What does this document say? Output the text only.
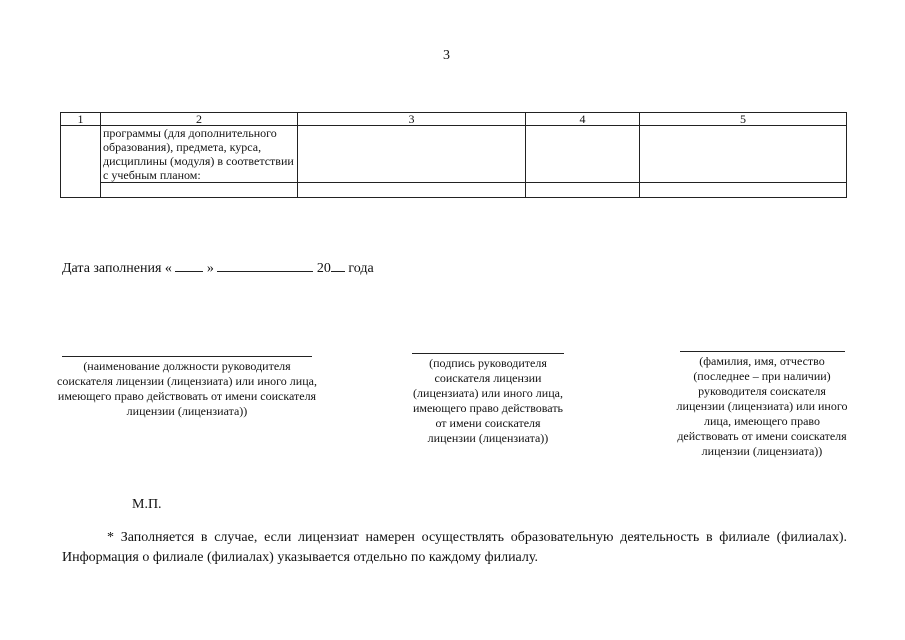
3
1	2	3	4	5
	программы (для дополнительного образования), предмета, курса, дисциплины (модуля) в соответствии с учебным планом:			

Дата заполнения «	»	20 года
(наименование должности руководителя соискателя лицензии (лицензиата) или иного лица, имеющего право действовать от имени соискателя лицензии (лицензиата))
(подпись руководителя соискателя лицензии (лицензиата) или иного лица, имеющего право действовать от имени соискателя лицензии (лицензиата))
(фамилия, имя, отчество (последнее – при наличии) руководителя соискателя лицензии (лицензиата) или иного лица, имеющего право действовать от имени соискателя лицензии (лицензиата))
М.П.
* Заполняется в случае, если лицензиат намерен осуществлять образовательную деятельность в филиале (филиалах). Информация о филиале (филиалах) указывается отдельно по каждому филиалу.
